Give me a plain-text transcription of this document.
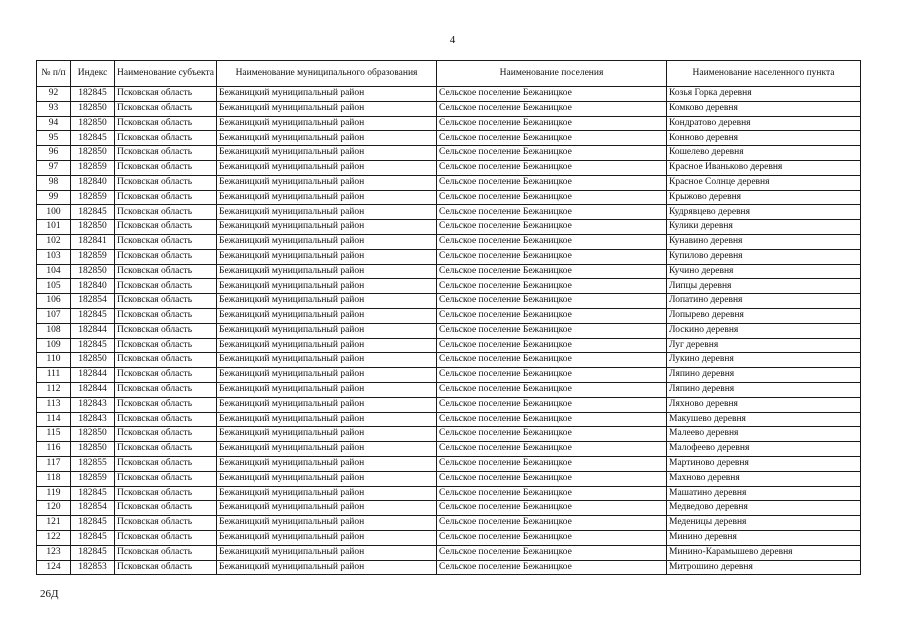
4
№ п/п	Индекс	Наименование субъекта	Наименование муниципального образования	Наименование поселения	Наименование населенного пункта
92	182845	Псковская область	Бежаницкий муниципальный район	Сельское поселение Бежаницкое	Козья Горка деревня
93	182850	Псковская область	Бежаницкий муниципальный район	Сельское поселение Бежаницкое	Комково деревня
94	182850	Псковская область	Бежаницкий муниципальный район	Сельское поселение Бежаницкое	Кондратово деревня
95	182845	Псковская область	Бежаницкий муниципальный район	Сельское поселение Бежаницкое	Конново деревня
96	182850	Псковская область	Бежаницкий муниципальный район	Сельское поселение Бежаницкое	Кошелево деревня
97	182859	Псковская область	Бежаницкий муниципальный район	Сельское поселение Бежаницкое	Красное Иваньково деревня
98	182840	Псковская область	Бежаницкий муниципальный район	Сельское поселение Бежаницкое	Красное Солнце деревня
99	182859	Псковская область	Бежаницкий муниципальный район	Сельское поселение Бежаницкое	Крыжово деревня
100	182845	Псковская область	Бежаницкий муниципальный район	Сельское поселение Бежаницкое	Кудрявцево деревня
101	182850	Псковская область	Бежаницкий муниципальный район	Сельское поселение Бежаницкое	Кулики деревня
102	182841	Псковская область	Бежаницкий муниципальный район	Сельское поселение Бежаницкое	Кунавино деревня
103	182859	Псковская область	Бежаницкий муниципальный район	Сельское поселение Бежаницкое	Купилово деревня
104	182850	Псковская область	Бежаницкий муниципальный район	Сельское поселение Бежаницкое	Кучино деревня
105	182840	Псковская область	Бежаницкий муниципальный район	Сельское поселение Бежаницкое	Липцы деревня
106	182854	Псковская область	Бежаницкий муниципальный район	Сельское поселение Бежаницкое	Лопатино деревня
107	182845	Псковская область	Бежаницкий муниципальный район	Сельское поселение Бежаницкое	Лопырево деревня
108	182844	Псковская область	Бежаницкий муниципальный район	Сельское поселение Бежаницкое	Лоскино деревня
109	182845	Псковская область	Бежаницкий муниципальный район	Сельское поселение Бежаницкое	Луг деревня
110	182850	Псковская область	Бежаницкий муниципальный район	Сельское поселение Бежаницкое	Лукино деревня
111	182844	Псковская область	Бежаницкий муниципальный район	Сельское поселение Бежаницкое	Ляпино деревня
112	182844	Псковская область	Бежаницкий муниципальный район	Сельское поселение Бежаницкое	Ляпино деревня
113	182843	Псковская область	Бежаницкий муниципальный район	Сельское поселение Бежаницкое	Ляхново деревня
114	182843	Псковская область	Бежаницкий муниципальный район	Сельское поселение Бежаницкое	Макушево деревня
115	182850	Псковская область	Бежаницкий муниципальный район	Сельское поселение Бежаницкое	Малеево деревня
116	182850	Псковская область	Бежаницкий муниципальный район	Сельское поселение Бежаницкое	Малофеево деревня
117	182855	Псковская область	Бежаницкий муниципальный район	Сельское поселение Бежаницкое	Мартиново деревня
118	182859	Псковская область	Бежаницкий муниципальный район	Сельское поселение Бежаницкое	Махново деревня
119	182845	Псковская область	Бежаницкий муниципальный район	Сельское поселение Бежаницкое	Машатино деревня
120	182854	Псковская область	Бежаницкий муниципальный район	Сельское поселение Бежаницкое	Медведово деревня
121	182845	Псковская область	Бежаницкий муниципальный район	Сельское поселение Бежаницкое	Меденицы деревня
122	182845	Псковская область	Бежаницкий муниципальный район	Сельское поселение Бежаницкое	Минино деревня
123	182845	Псковская область	Бежаницкий муниципальный район	Сельское поселение Бежаницкое	Минино-Карамышево деревня
124	182853	Псковская область	Бежаницкий муниципальный район	Сельское поселение Бежаницкое	Митрошино деревня
26Д
